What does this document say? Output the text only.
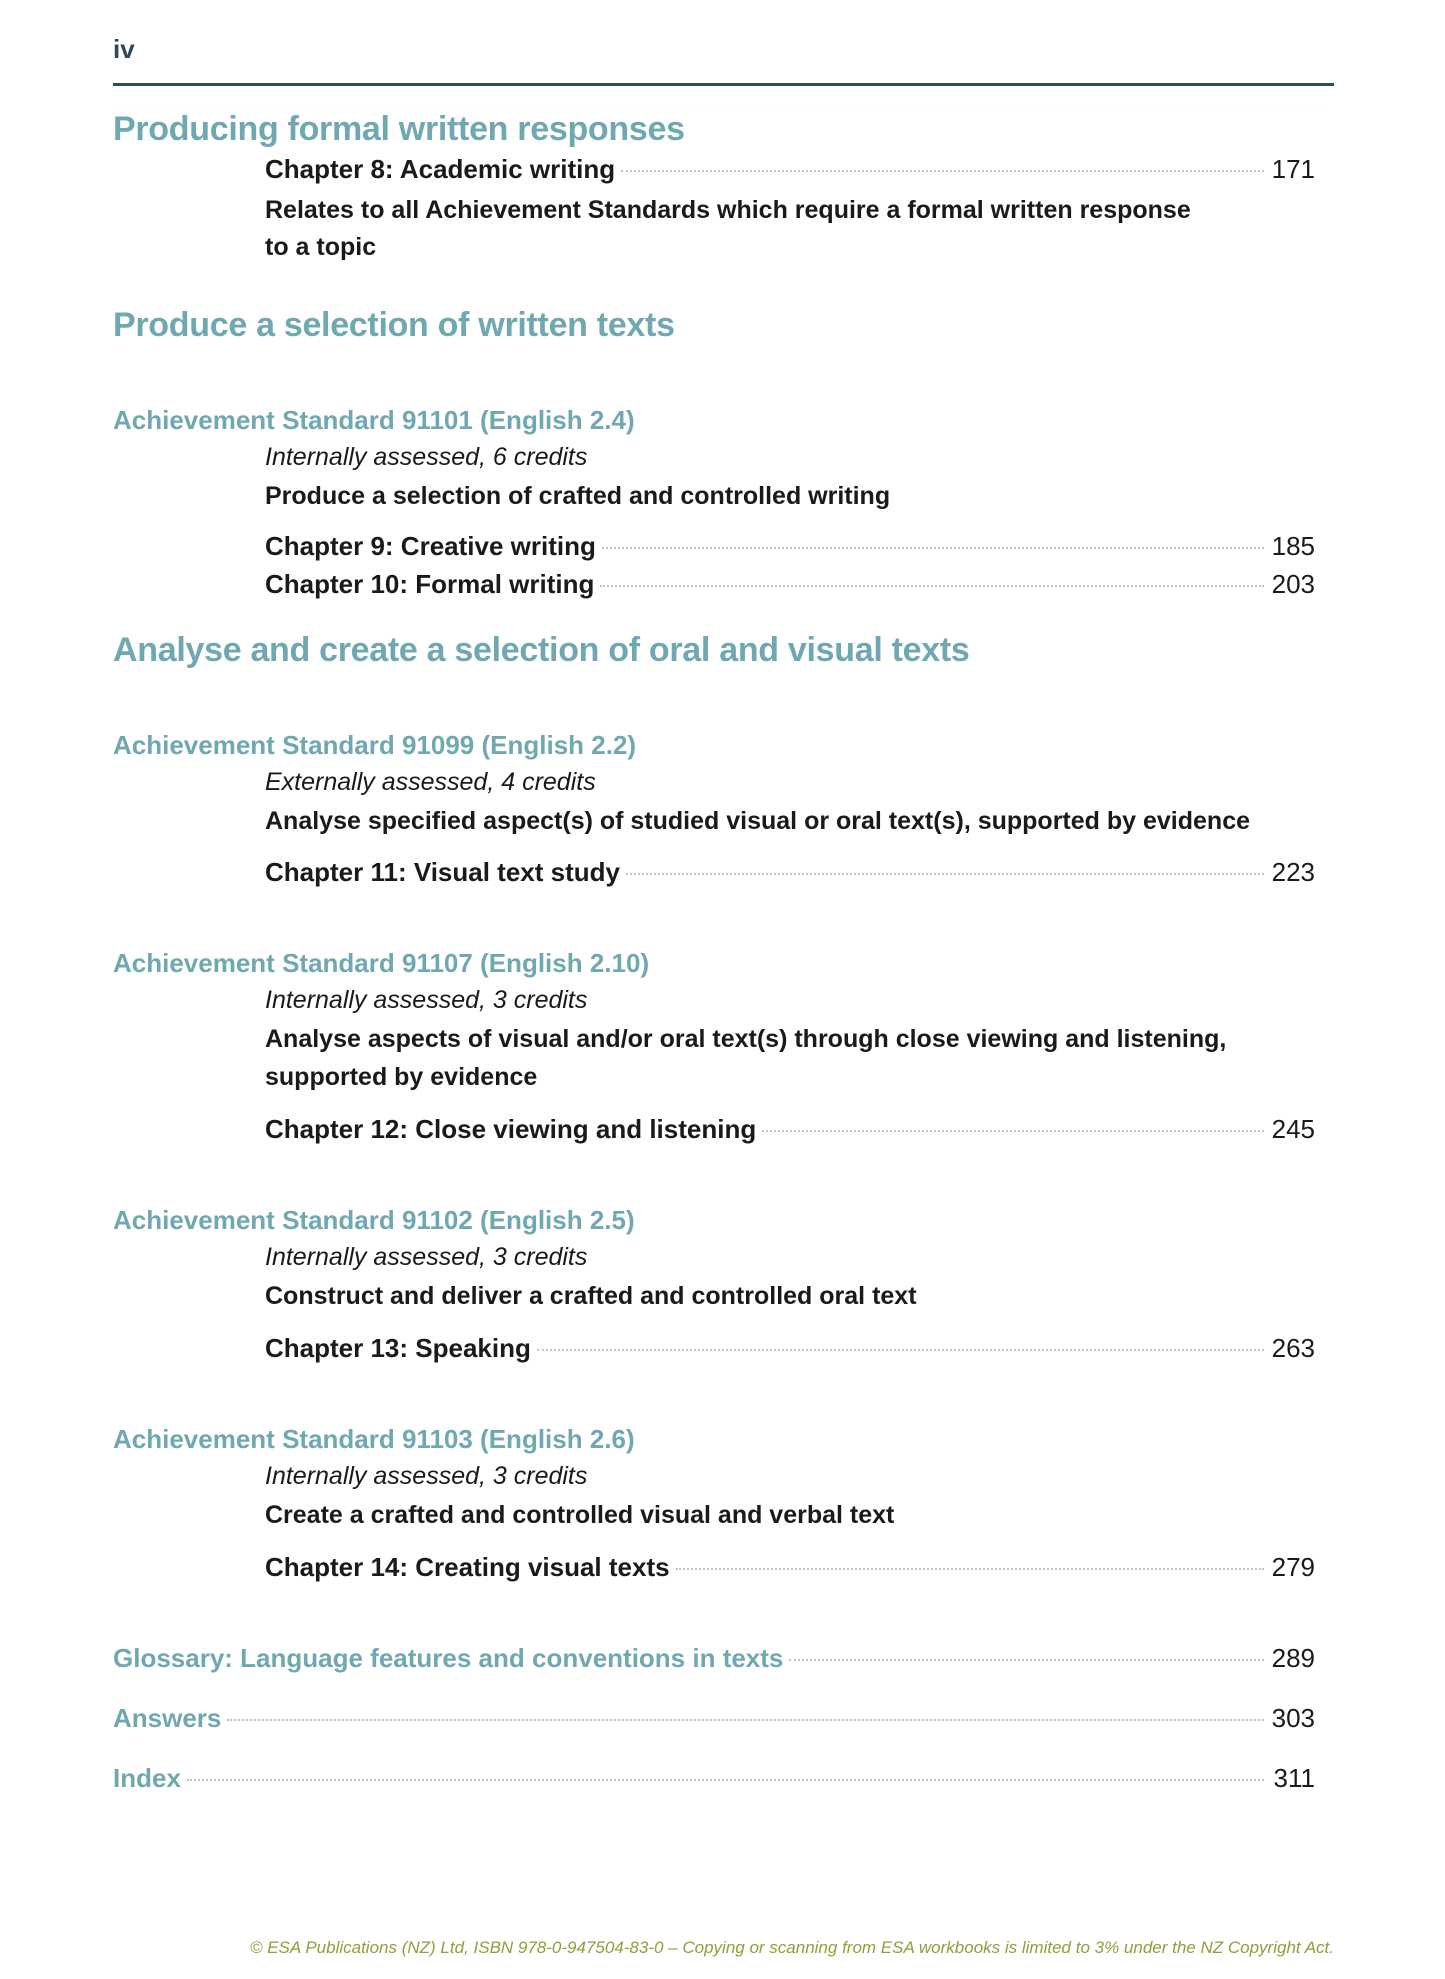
iv
Producing formal written responses
Chapter 8: Academic writing	171
Relates to all Achievement Standards which require a formal written response
to a topic
Produce a selection of written texts
Achievement Standard 91101 (English 2.4)
Internally assessed, 6 credits
Produce a selection of crafted and controlled writing
Chapter 9: Creative writing	185
Chapter 10: Formal writing	203
Analyse and create a selection of oral and visual texts
Achievement Standard 91099 (English 2.2)
Externally assessed, 4 credits
Analyse specified aspect(s) of studied visual or oral text(s), supported by evidence
Chapter 11: Visual text study	223
Achievement Standard 91107 (English 2.10)
Internally assessed, 3 credits
Analyse aspects of visual and/or oral text(s) through close viewing and listening,
supported by evidence
Chapter 12: Close viewing and listening	245
Achievement Standard 91102 (English 2.5)
Internally assessed, 3 credits
Construct and deliver a crafted and controlled oral text
Chapter 13: Speaking	263
Achievement Standard 91103 (English 2.6)
Internally assessed, 3 credits
Create a crafted and controlled visual and verbal text
Chapter 14: Creating visual texts	279
Glossary: Language features and conventions in texts	289
Answers	303
Index	311
© ESA Publications (NZ) Ltd, ISBN 978-0-947504-83-0 – Copying or scanning from ESA workbooks is limited to 3% under the NZ Copyright Act.
